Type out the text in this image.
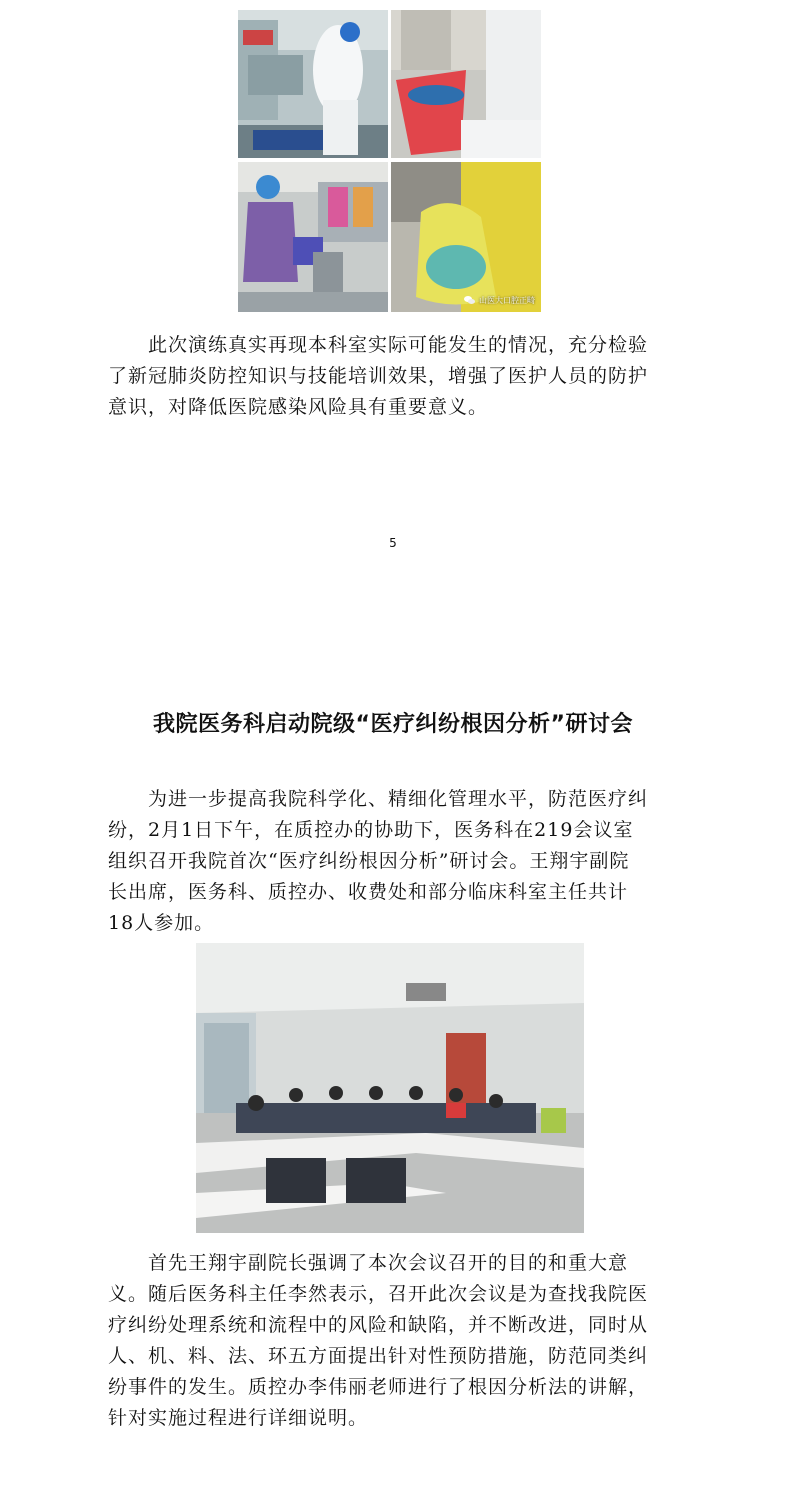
山医大口腔正畸
此次演练真实再现本科室实际可能发生的情况，充分检验
了新冠肺炎防控知识与技能培训效果，增强了医护人员的防护
意识，对降低医院感染风险具有重要意义。
5
我院医务科启动院级“医疗纠纷根因分析”研讨会
为进一步提高我院科学化、精细化管理水平，防范医疗纠
纷，2月1日下午，在质控办的协助下，医务科在219会议室
组织召开我院首次“医疗纠纷根因分析”研讨会。王翔宇副院
长出席，医务科、质控办、收费处和部分临床科室主任共计
18人参加。
首先王翔宇副院长强调了本次会议召开的目的和重大意
义。随后医务科主任李然表示，召开此次会议是为查找我院医
疗纠纷处理系统和流程中的风险和缺陷，并不断改进，同时从
人、机、料、法、环五方面提出针对性预防措施，防范同类纠
纷事件的发生。质控办李伟丽老师进行了根因分析法的讲解，
针对实施过程进行详细说明。
